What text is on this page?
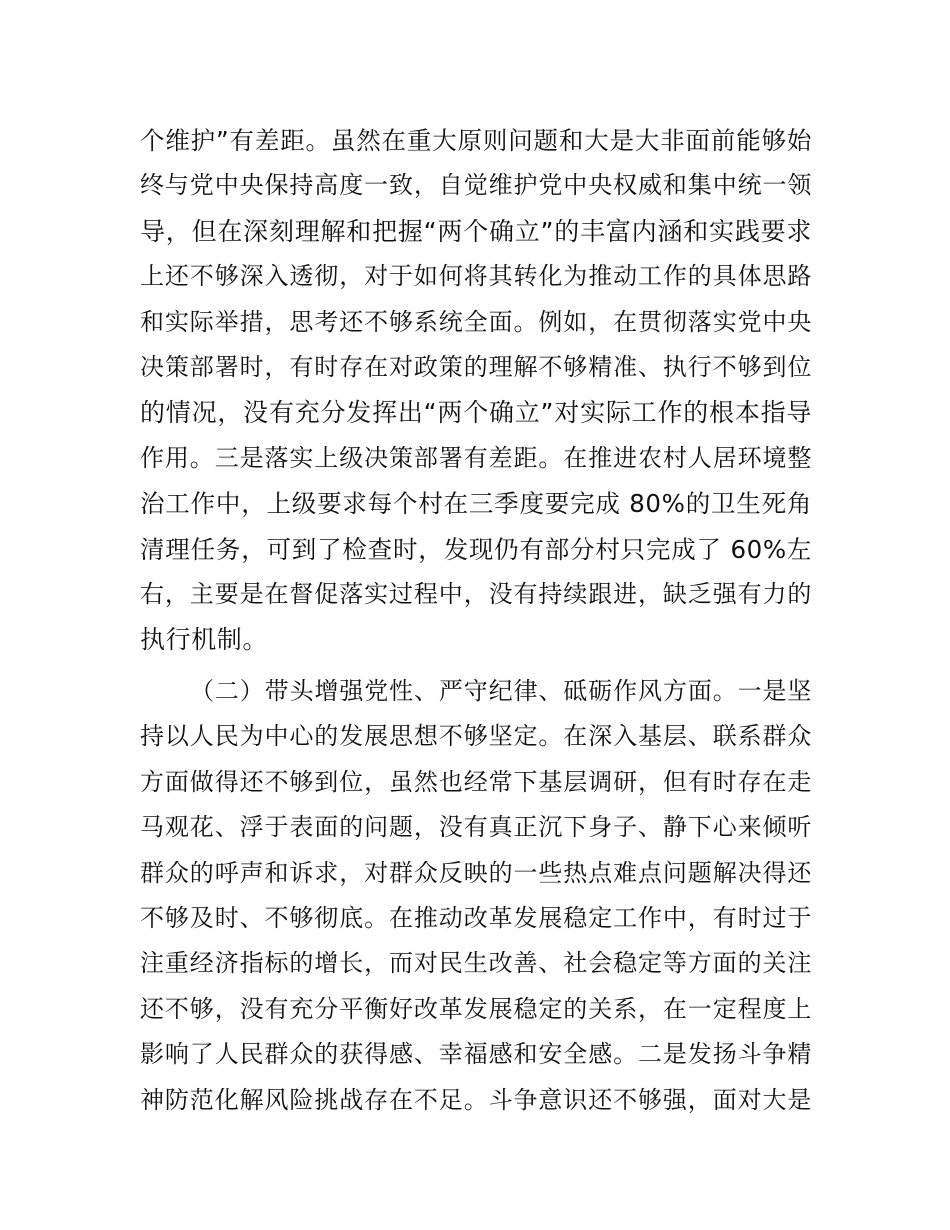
个维护”有差距。虽然在重大原则问题和大是大非面前能够始
终与党中央保持高度一致，自觉维护党中央权威和集中统一领
导，但在深刻理解和把握“两个确立”的丰富内涵和实践要求
上还不够深入透彻，对于如何将其转化为推动工作的具体思路
和实际举措，思考还不够系统全面。例如，在贯彻落实党中央
决策部署时，有时存在对政策的理解不够精准、执行不够到位
的情况，没有充分发挥出“两个确立”对实际工作的根本指导
作用。三是落实上级决策部署有差距。在推进农村人居环境整
治工作中，上级要求每个村在三季度要完成 80%的卫生死角
清理任务，可到了检查时，发现仍有部分村只完成了 60%左
右，主要是在督促落实过程中，没有持续跟进，缺乏强有力的
执行机制。

（二）带头增强党性、严守纪律、砥砺作风方面。一是坚
持以人民为中心的发展思想不够坚定。在深入基层、联系群众
方面做得还不够到位，虽然也经常下基层调研，但有时存在走
马观花、浮于表面的问题，没有真正沉下身子、静下心来倾听
群众的呼声和诉求，对群众反映的一些热点难点问题解决得还
不够及时、不够彻底。在推动改革发展稳定工作中，有时过于
注重经济指标的增长，而对民生改善、社会稳定等方面的关注
还不够，没有充分平衡好改革发展稳定的关系，在一定程度上
影响了人民群众的获得感、幸福感和安全感。二是发扬斗争精
神防范化解风险挑战存在不足。斗争意识还不够强，面对大是
